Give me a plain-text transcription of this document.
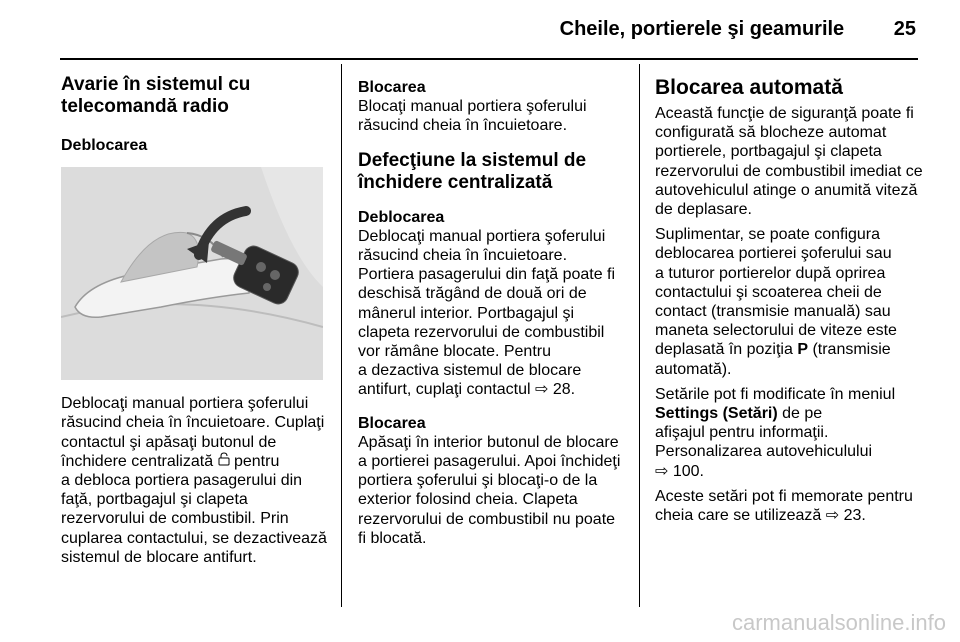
Cheile, portierele şi geamurile 25

Avarie în sistemul cu
telecomandă radio

Deblocarea

Deblocaţi manual portiera şoferului
răsucind cheia în încuietoare. Cuplaţi
contactul şi apăsaţi butonul de
închidere centralizată  pentru
a debloca portiera pasagerului din
faţă, portbagajul şi clapeta
rezervorului de combustibil. Prin
cuplarea contactului, se dezactivează
sistemul de blocare antifurt.

Blocarea

Blocaţi manual portiera şoferului
răsucind cheia în încuietoare.

Defecţiune la sistemul de
închidere centralizată

Deblocarea

Deblocaţi manual portiera şoferului
răsucind cheia în încuietoare.
Portiera pasagerului din faţă poate fi
deschisă trăgând de două ori de
mânerul interior. Portbagajul şi
clapeta rezervorului de combustibil
vor rămâne blocate. Pentru
a dezactiva sistemul de blocare
antifurt, cuplaţi contactul ⇨ 28.

Blocarea

Apăsaţi în interior butonul de blocare
a portierei pasagerului. Apoi închideţi
portiera şoferului şi blocaţi-o de la
exterior folosind cheia. Clapeta
rezervorului de combustibil nu poate
fi blocată.

Blocarea automată

Această funcţie de siguranţă poate fi
configurată să blocheze automat
portierele, portbagajul şi clapeta
rezervorului de combustibil imediat ce
autovehiculul atinge o anumită viteză
de deplasare.

Suplimentar, se poate configura
deblocarea portierei şoferului sau
a tuturor portierelor după oprirea
contactului şi scoaterea cheii de
contact (transmisie manuală) sau
maneta selectorului de viteze este
deplasată în poziţia P (transmisie
automată).

Setările pot fi modificate în meniul
Settings (Setări) de pe
afişajul pentru informaţii.
Personalizarea autovehiculului
⇨ 100.

Aceste setări pot fi memorate pentru
cheia care se utilizează ⇨ 23.

carmanualsonline.info
